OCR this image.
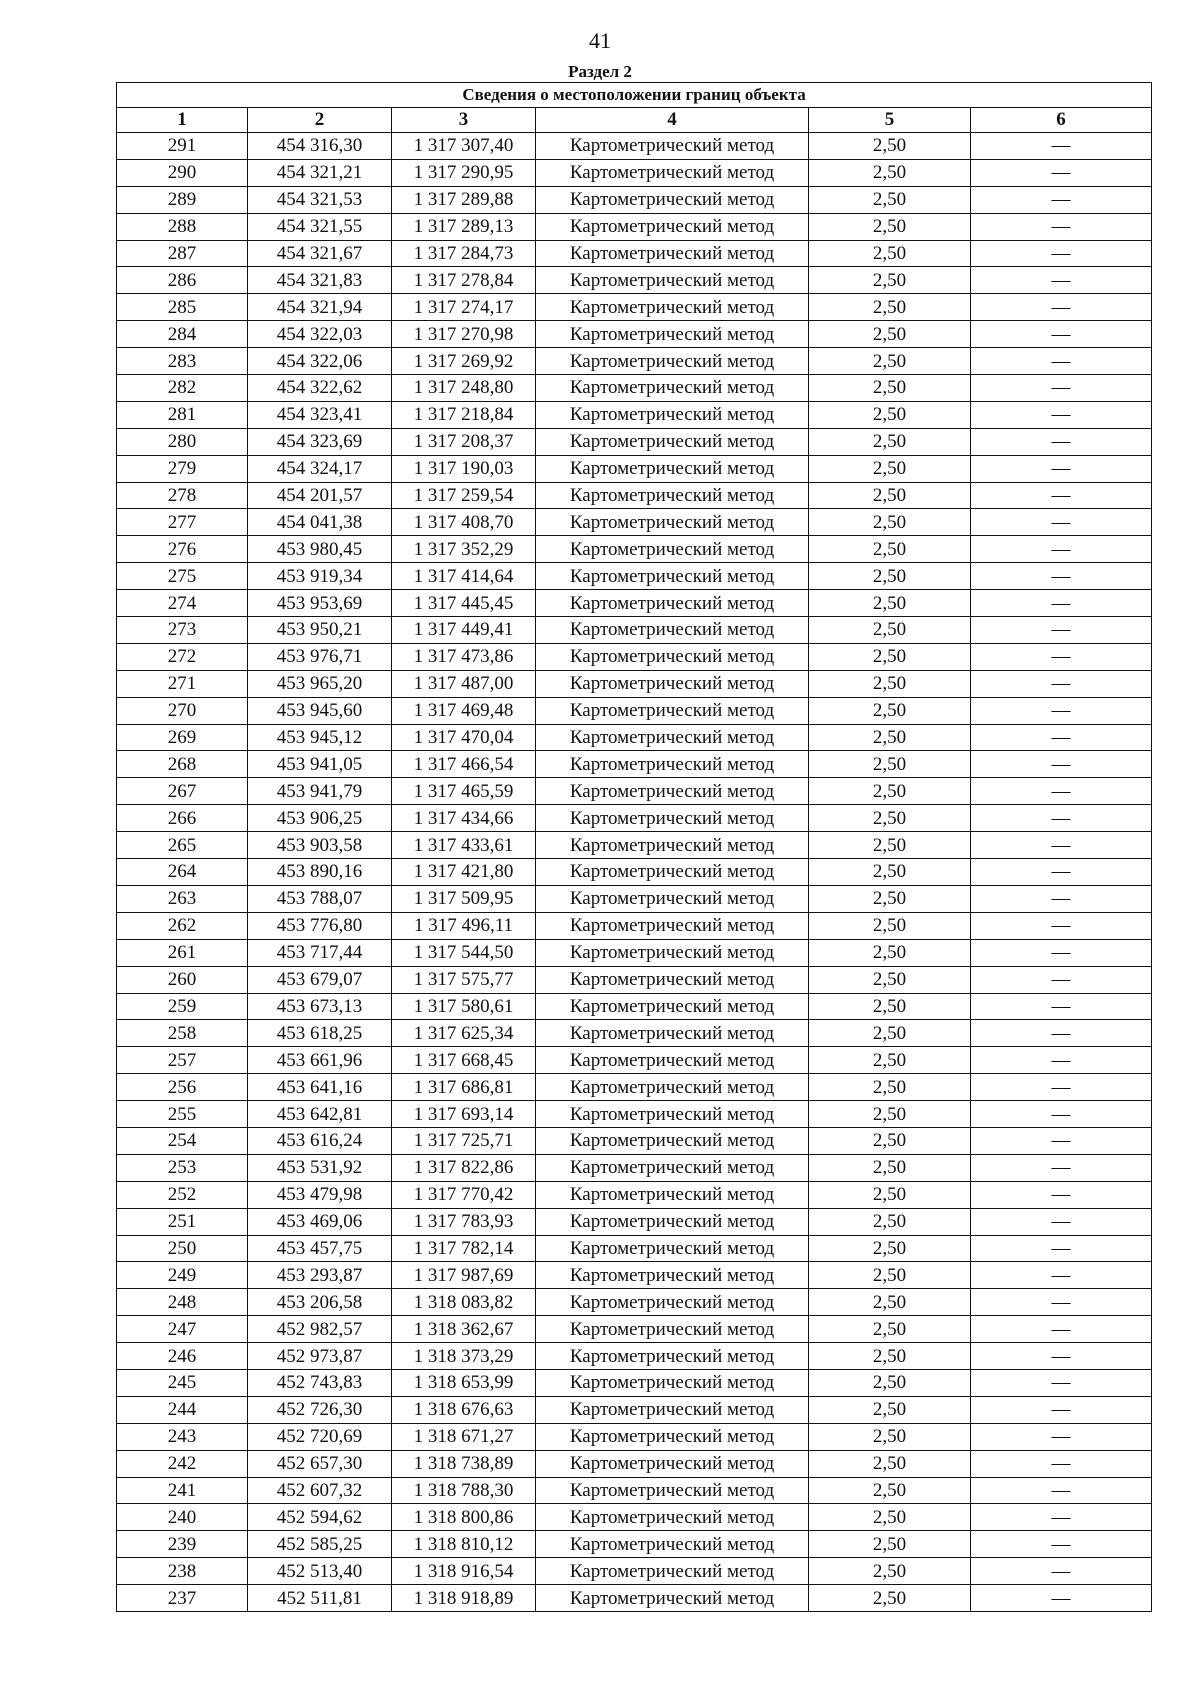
41
Раздел 2
Сведения о местоположении границ объекта					
1	2	3	4	5	6
291	454 316,30	1 317 307,40	Картометрический метод	2,50	—
290	454 321,21	1 317 290,95	Картометрический метод	2,50	—
289	454 321,53	1 317 289,88	Картометрический метод	2,50	—
288	454 321,55	1 317 289,13	Картометрический метод	2,50	—
287	454 321,67	1 317 284,73	Картометрический метод	2,50	—
286	454 321,83	1 317 278,84	Картометрический метод	2,50	—
285	454 321,94	1 317 274,17	Картометрический метод	2,50	—
284	454 322,03	1 317 270,98	Картометрический метод	2,50	—
283	454 322,06	1 317 269,92	Картометрический метод	2,50	—
282	454 322,62	1 317 248,80	Картометрический метод	2,50	—
281	454 323,41	1 317 218,84	Картометрический метод	2,50	—
280	454 323,69	1 317 208,37	Картометрический метод	2,50	—
279	454 324,17	1 317 190,03	Картометрический метод	2,50	—
278	454 201,57	1 317 259,54	Картометрический метод	2,50	—
277	454 041,38	1 317 408,70	Картометрический метод	2,50	—
276	453 980,45	1 317 352,29	Картометрический метод	2,50	—
275	453 919,34	1 317 414,64	Картометрический метод	2,50	—
274	453 953,69	1 317 445,45	Картометрический метод	2,50	—
273	453 950,21	1 317 449,41	Картометрический метод	2,50	—
272	453 976,71	1 317 473,86	Картометрический метод	2,50	—
271	453 965,20	1 317 487,00	Картометрический метод	2,50	—
270	453 945,60	1 317 469,48	Картометрический метод	2,50	—
269	453 945,12	1 317 470,04	Картометрический метод	2,50	—
268	453 941,05	1 317 466,54	Картометрический метод	2,50	—
267	453 941,79	1 317 465,59	Картометрический метод	2,50	—
266	453 906,25	1 317 434,66	Картометрический метод	2,50	—
265	453 903,58	1 317 433,61	Картометрический метод	2,50	—
264	453 890,16	1 317 421,80	Картометрический метод	2,50	—
263	453 788,07	1 317 509,95	Картометрический метод	2,50	—
262	453 776,80	1 317 496,11	Картометрический метод	2,50	—
261	453 717,44	1 317 544,50	Картометрический метод	2,50	—
260	453 679,07	1 317 575,77	Картометрический метод	2,50	—
259	453 673,13	1 317 580,61	Картометрический метод	2,50	—
258	453 618,25	1 317 625,34	Картометрический метод	2,50	—
257	453 661,96	1 317 668,45	Картометрический метод	2,50	—
256	453 641,16	1 317 686,81	Картометрический метод	2,50	—
255	453 642,81	1 317 693,14	Картометрический метод	2,50	—
254	453 616,24	1 317 725,71	Картометрический метод	2,50	—
253	453 531,92	1 317 822,86	Картометрический метод	2,50	—
252	453 479,98	1 317 770,42	Картометрический метод	2,50	—
251	453 469,06	1 317 783,93	Картометрический метод	2,50	—
250	453 457,75	1 317 782,14	Картометрический метод	2,50	—
249	453 293,87	1 317 987,69	Картометрический метод	2,50	—
248	453 206,58	1 318 083,82	Картометрический метод	2,50	—
247	452 982,57	1 318 362,67	Картометрический метод	2,50	—
246	452 973,87	1 318 373,29	Картометрический метод	2,50	—
245	452 743,83	1 318 653,99	Картометрический метод	2,50	—
244	452 726,30	1 318 676,63	Картометрический метод	2,50	—
243	452 720,69	1 318 671,27	Картометрический метод	2,50	—
242	452 657,30	1 318 738,89	Картометрический метод	2,50	—
241	452 607,32	1 318 788,30	Картометрический метод	2,50	—
240	452 594,62	1 318 800,86	Картометрический метод	2,50	—
239	452 585,25	1 318 810,12	Картометрический метод	2,50	—
238	452 513,40	1 318 916,54	Картометрический метод	2,50	—
237	452 511,81	1 318 918,89	Картометрический метод	2,50	—
